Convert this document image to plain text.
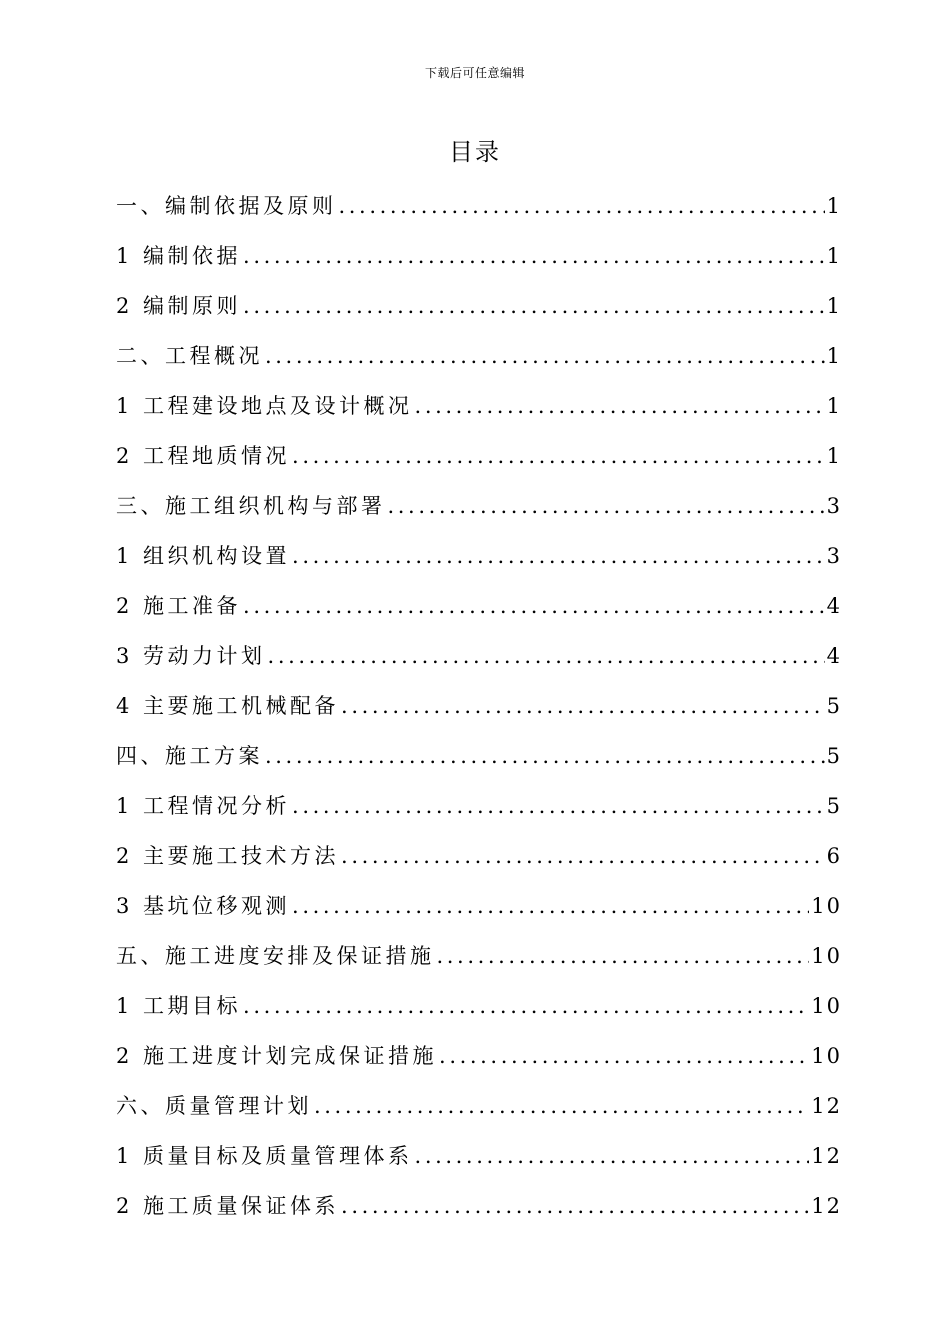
下载后可任意编辑
目录
一、编制依据及原则 .....	1
1 编制依据 .....	1
2 编制原则 .....	1
二、工程概况 .....	1
1 工程建设地点及设计概况 .....	1
2 工程地质情况 .....	1
三、施工组织机构与部署 .....	3
1 组织机构设置 .....	3
2 施工准备 .....	4
3 劳动力计划 .....	4
4 主要施工机械配备 .....	5
四、施工方案 .....	5
1 工程情况分析 .....	5
2 主要施工技术方法 .....	6
3 基坑位移观测 .....	10
五、施工进度安排及保证措施 .....	10
1 工期目标 .....	10
2 施工进度计划完成保证措施 .....	10
六、质量管理计划 .....	12
1 质量目标及质量管理体系 .....	12
2 施工质量保证体系 .....	12
